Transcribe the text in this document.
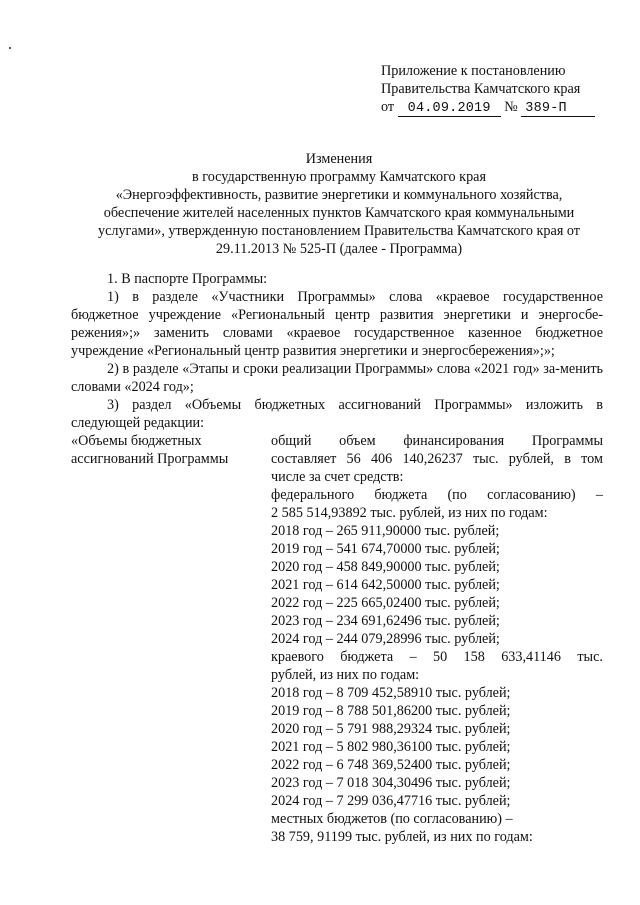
Приложение к постановлению
Правительства Камчатского края
от 04.09.2019 № 389-П
Изменения
в государственную программу Камчатского края
«Энергоэффективность, развитие энергетики и коммунального хозяйства,
обеспечение жителей населенных пунктов Камчатского края коммунальными
услугами», утвержденную постановлением Правительства Камчатского края от
29.11.2013 № 525-П (далее - Программа)
1. В паспорте Программы:
1) в разделе «Участники Программы» слова «краевое государственное бюджетное учреждение «Региональный центр развития энергетики и энергосбе-режения»;» заменить словами «краевое государственное казенное бюджетное учреждение «Региональный центр развития энергетики и энергосбережения»;»;
2) в разделе «Этапы и сроки реализации Программы» слова «2021 год» за-менить словами «2024 год»;
3) раздел «Объемы бюджетных ассигнований Программы» изложить в следующей редакции:
«Объемы бюджетных
ассигнований Программы
общий объем финансирования Программы
составляет 56 406 140,26237 тыс. рублей, в том
числе за счет средств:
федерального бюджета (по согласованию) –
2 585 514,93892 тыс. рублей, из них по годам:
2018 год – 265 911,90000 тыс. рублей;
2019 год – 541 674,70000 тыс. рублей;
2020 год – 458 849,90000 тыс. рублей;
2021 год – 614 642,50000 тыс. рублей;
2022 год – 225 665,02400 тыс. рублей;
2023 год – 234 691,62496 тыс. рублей;
2024 год – 244 079,28996 тыс. рублей;
краевого бюджета – 50 158 633,41146 тыс.
рублей, из них по годам:
2018 год – 8 709 452,58910 тыс. рублей;
2019 год – 8 788 501,86200 тыс. рублей;
2020 год – 5 791 988,29324 тыс. рублей;
2021 год – 5 802 980,36100 тыс. рублей;
2022 год – 6 748 369,52400 тыс. рублей;
2023 год – 7 018 304,30496 тыс. рублей;
2024 год – 7 299 036,47716 тыс. рублей;
местных бюджетов (по согласованию) –
38 759, 91199 тыс. рублей, из них по годам:
